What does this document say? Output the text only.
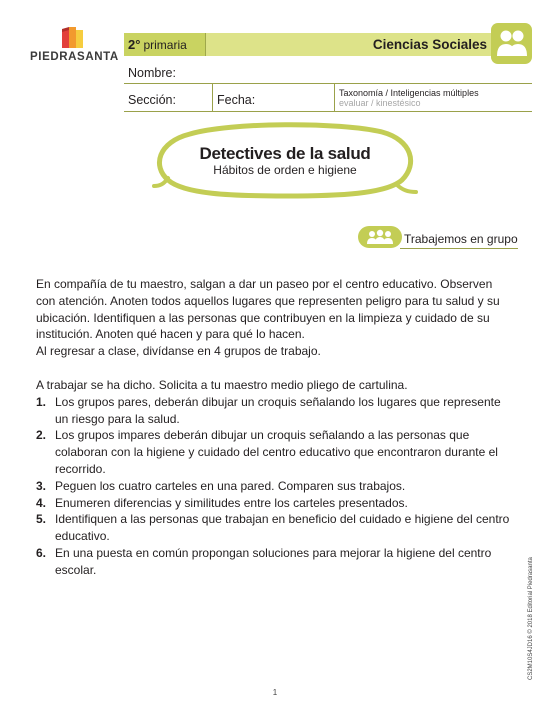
PIEDRASANTA
2° primaria	Ciencias Sociales
Nombre:
Sección:	Fecha:	Taxonomía / Inteligencias múltiples
evaluar / kinestésico
Detectives de la salud
Hábitos de orden e higiene
Trabajemos en grupo

En compañía de tu maestro, salgan a dar un paseo por el centro educativo. Observen

con atención. Anoten todos aquellos lugares que representen peligro para tu salud y su

ubicación. Identifiquen a las personas que contribuyen en la limpieza y cuidado de su

institución. Anoten qué hacen y para qué lo hacen.

Al regresar a clase, divídanse en 4 grupos de trabajo.

A trabajar se ha dicho. Solicita a tu maestro medio pliego de cartulina.

1. Los grupos pares, deberán dibujar un croquis señalando los lugares que represente
un riesgo para la salud.
2. Los grupos impares deberán dibujar un croquis señalando a las personas que
colaboran con la higiene y cuidado del centro educativo que encontraron durante el
recorrido.
3. Peguen los cuatro carteles en una pared. Comparen sus trabajos.
4. Enumeren diferencias y similitudes entre los carteles presentados.
5. Identifiquen a las personas que trabajan en beneficio del cuidado e higiene del centro
educativo.
6. En una puesta en común propongan soluciones para mejorar la higiene del centro
escolar.	CS2M10S4JD16 © 2018 Editorial Piedrasanta
1
